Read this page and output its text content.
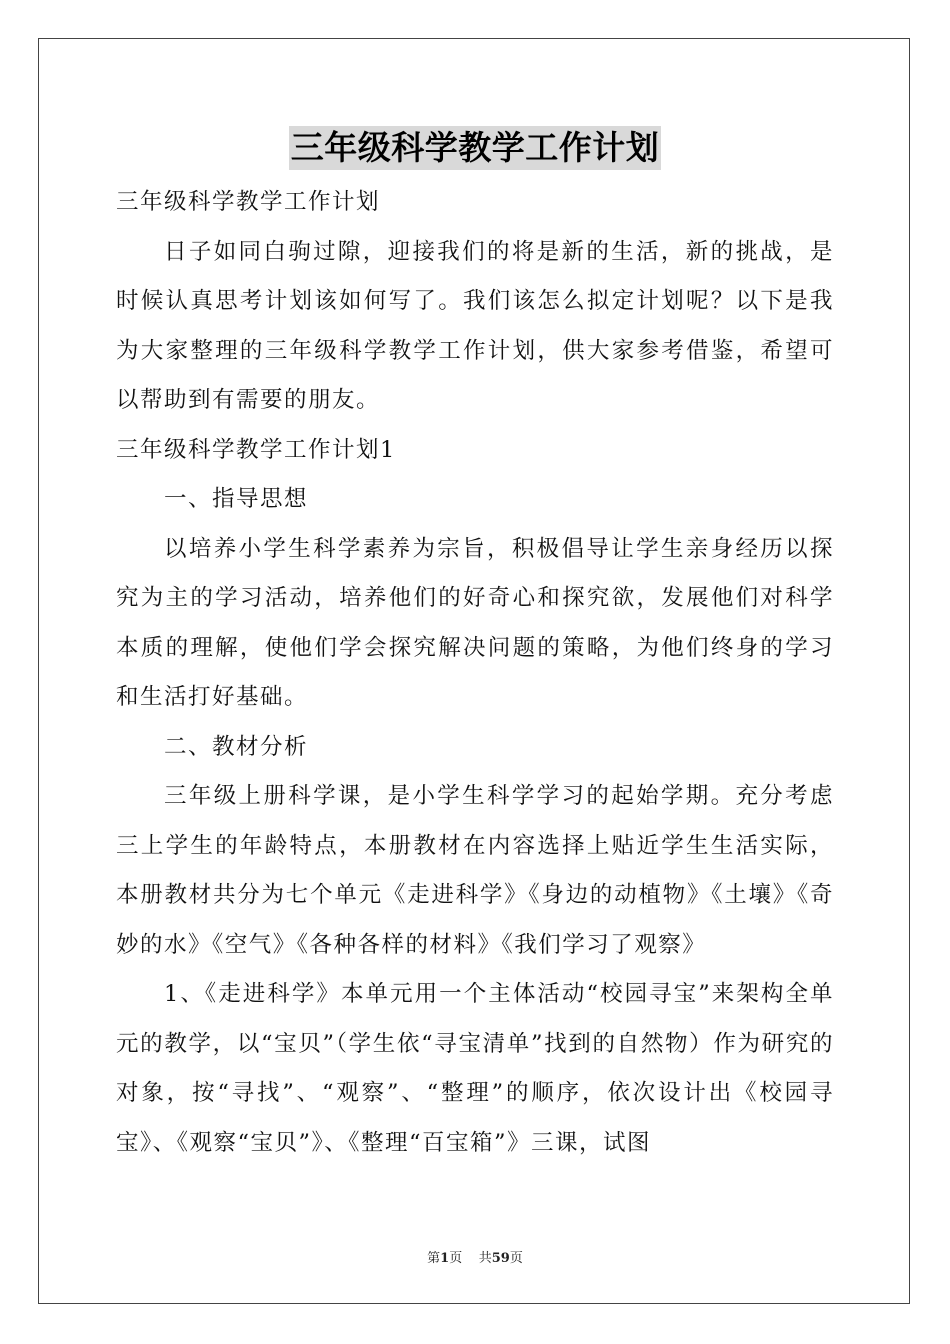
三年级科学教学工作计划

三年级科学教学工作计划

日子如同白驹过隙，迎接我们的将是新的生活，新的挑战，是时候认真思考计划该如何写了。我们该怎么拟定计划呢？以下是我为大家整理的三年级科学教学工作计划，供大家参考借鉴，希望可以帮助到有需要的朋友。

三年级科学教学工作计划1

一、指导思想

以培养小学生科学素养为宗旨，积极倡导让学生亲身经历以探究为主的学习活动，培养他们的好奇心和探究欲，发展他们对科学本质的理解，使他们学会探究解决问题的策略，为他们终身的学习和生活打好基础。

二、教材分析

三年级上册科学课，是小学生科学学习的起始学期。充分考虑三上学生的年龄特点，本册教材在内容选择上贴近学生生活实际，本册教材共分为七个单元《走进科学》《身边的动植物》《土壤》《奇妙的水》《空气》《各种各样的材料》《我们学习了观察》

1、《走进科学》本单元用一个主体活动“校园寻宝”来架构全单元的教学，以“宝贝”（学生依“寻宝清单”找到的自然物）作为研究的对象，按“寻找”、“观察”、“整理”的顺序，依次设计出《校园寻宝》、《观察“宝贝”》、《整理“百宝箱”》三课，试图

第1页 共59页
